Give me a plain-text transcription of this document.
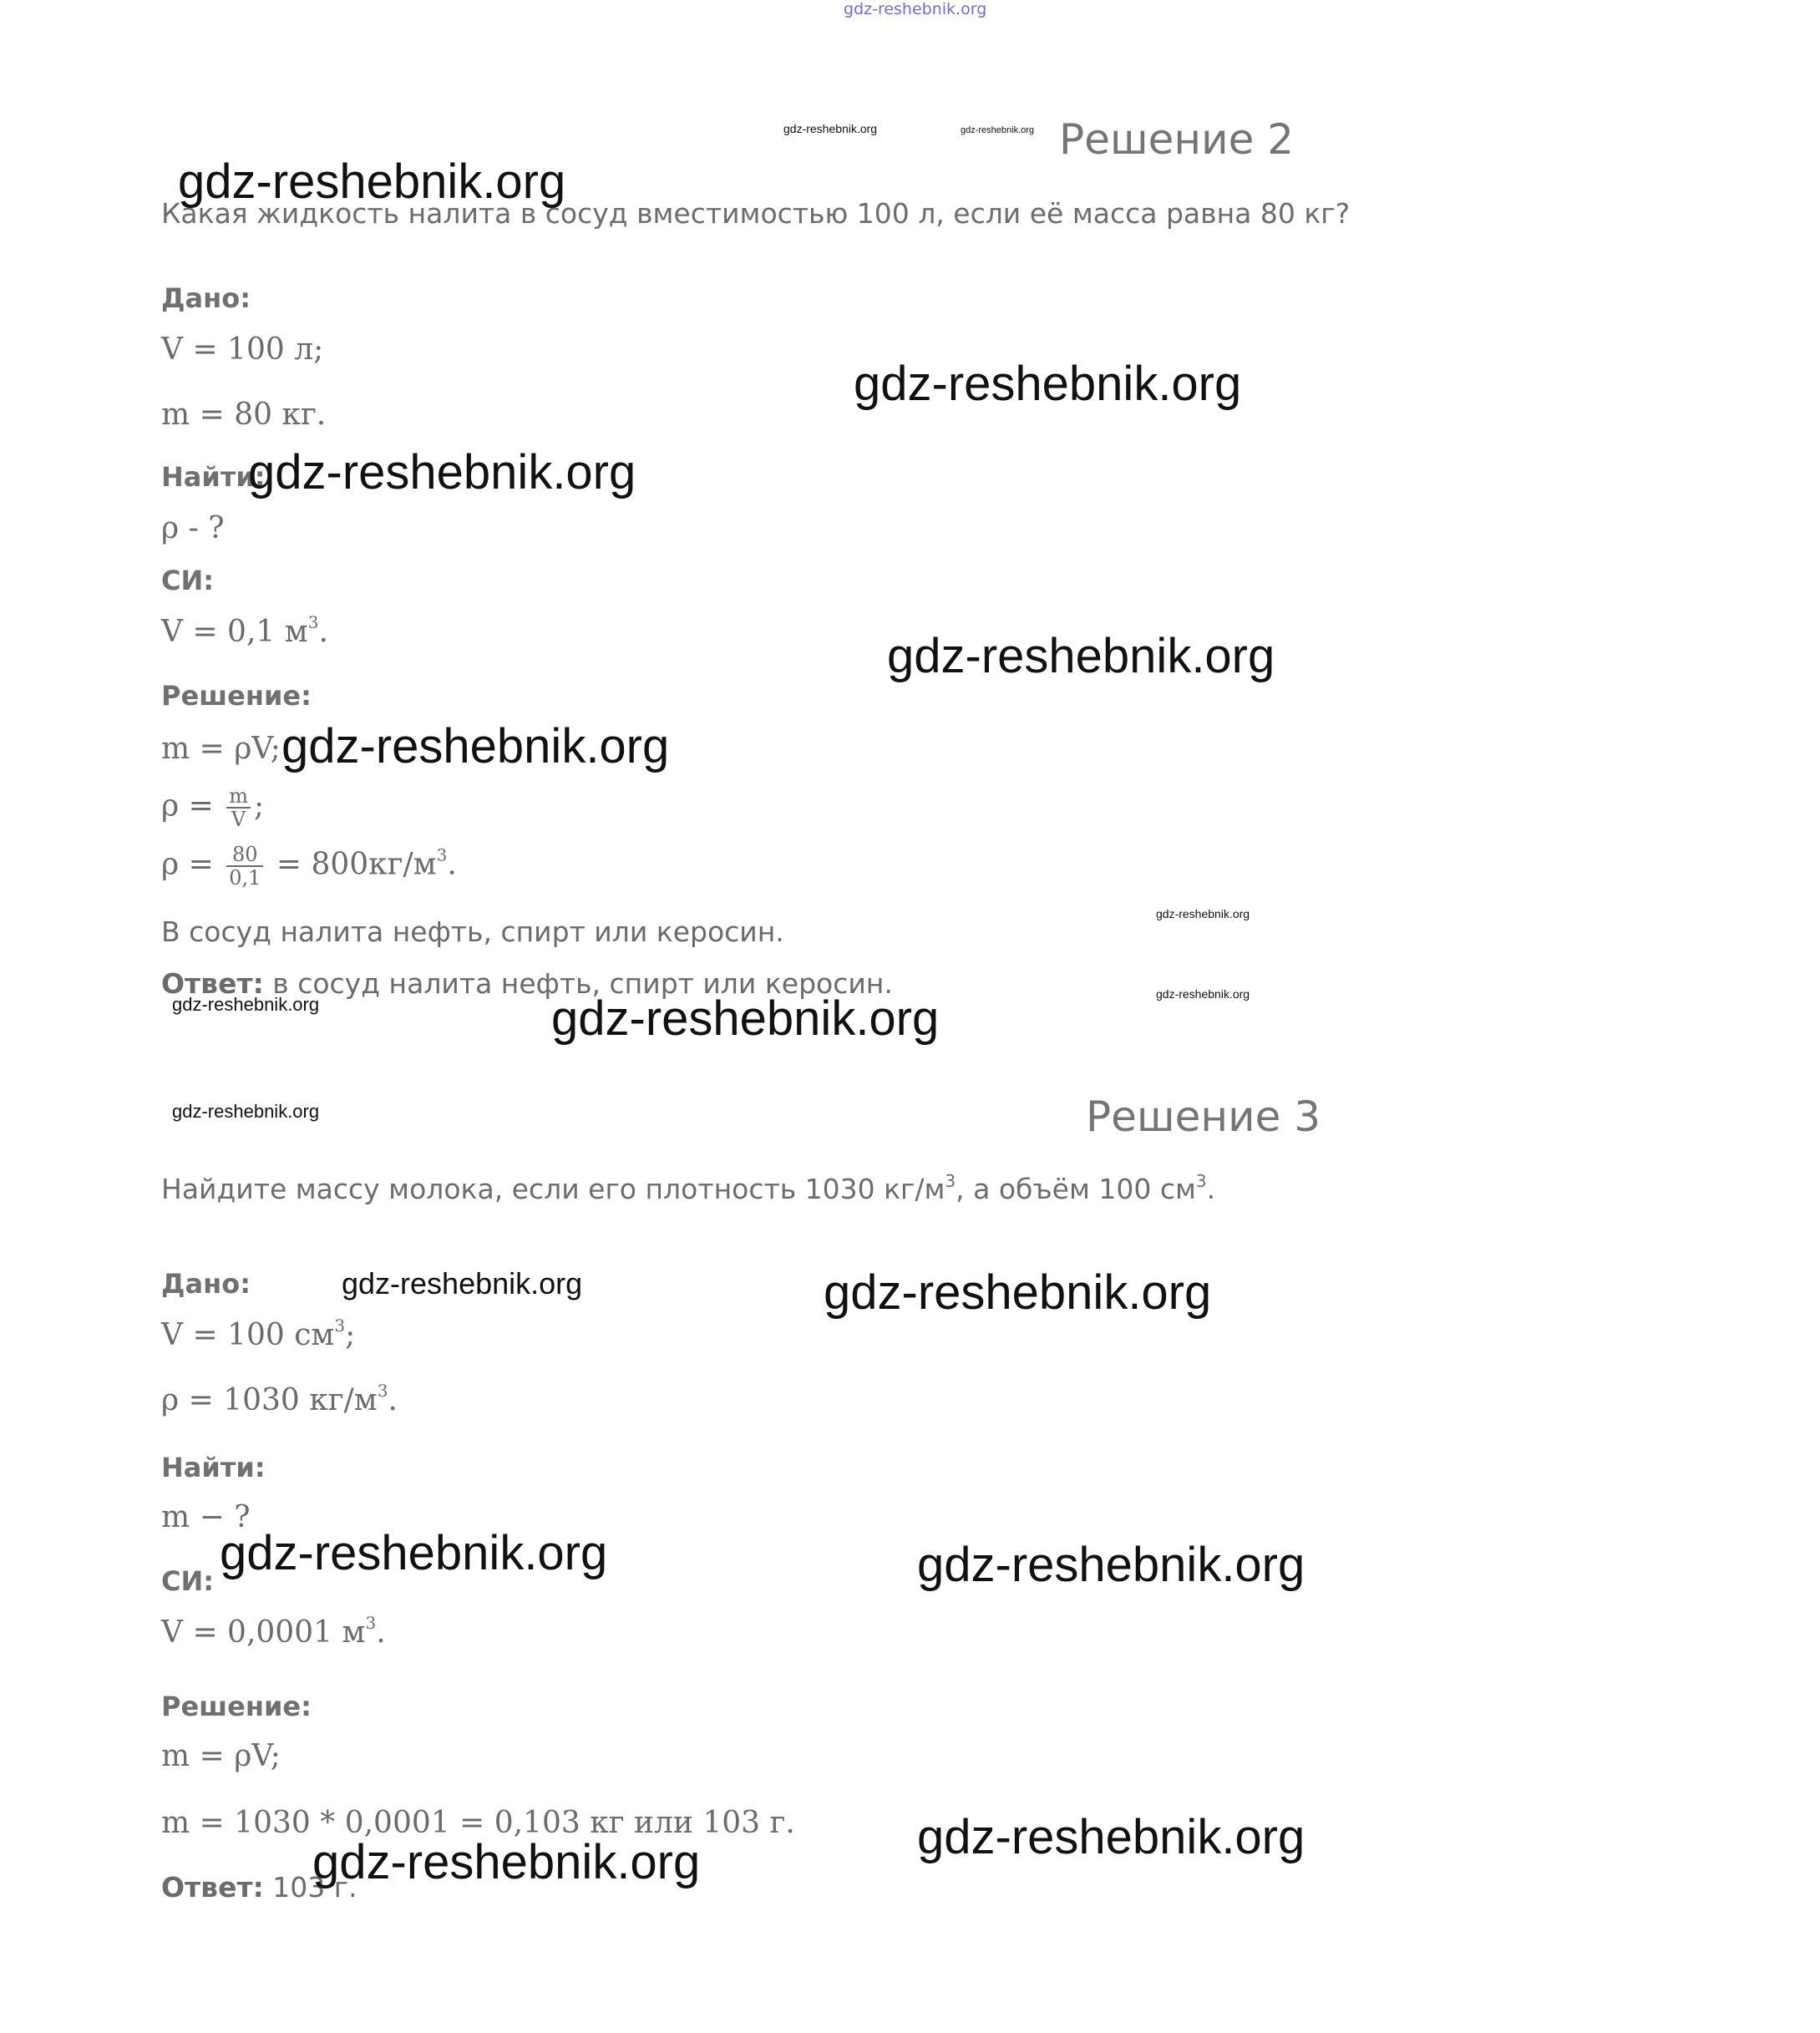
gdz-reshebnik.org
Решение 2
Какая жидкость налита в сосуд вместимостью 100 л, если её масса равна 80 кг?
Дано:
V = 100 л;
m = 80 кг.
Найти:
ρ - ?
СИ:
V = 0,1 $м^3$.
Решение:
m = ρV;
$\rho = \frac{m}{V}$ ;
$\rho = \frac{80}{0,1} = 800кг/м^3$.
В сосуд налита нефть, спирт или керосин.
Ответ: в сосуд налита нефть, спирт или керосин.
Решение 3
Найдите массу молока, если его плотность 1030 $кг/м^3$, а объём 100 $см^3$.
Дано:
V = 100 $см^3$;
ρ = 1030 $кг/м^3$.
Найти:
m − ?
СИ:
V = 0,0001 $м^3$.
Решение:
m = ρV;
m = 1030 * 0,0001 = 0,103 кг или 103 г.
Ответ: 103 г.
gdz-reshebnik.org	gdz-reshebnik.org
gdz-reshebnik.org
gdz-reshebnik.org
gdz-reshebnik.org
gdz-reshebnik.org
gdz-reshebnik.org
gdz-reshebnik.org
gdz-reshebnik.org
gdz-reshebnik.org	gdz-reshebnik.org
gdz-reshebnik.org
gdz-reshebnik.org	gdz-reshebnik.org
gdz-reshebnik.org	gdz-reshebnik.org
gdz-reshebnik.org
gdz-reshebnik.org
